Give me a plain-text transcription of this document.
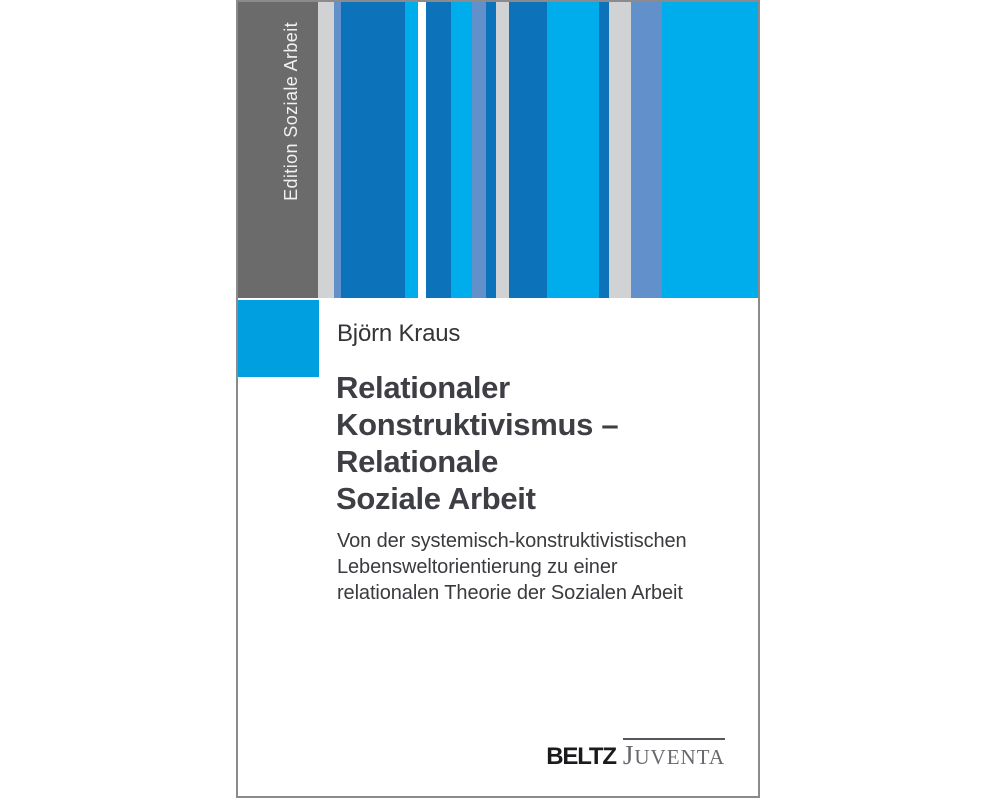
Edition Soziale Arbeit
Björn Kraus
Relationaler
Konstruktivismus –
Relationale
Soziale Arbeit
Von der systemisch-konstruktivistischen
Lebensweltorientierung zu einer
relationalen Theorie der Sozialen Arbeit
BELTZ JUVENTA
